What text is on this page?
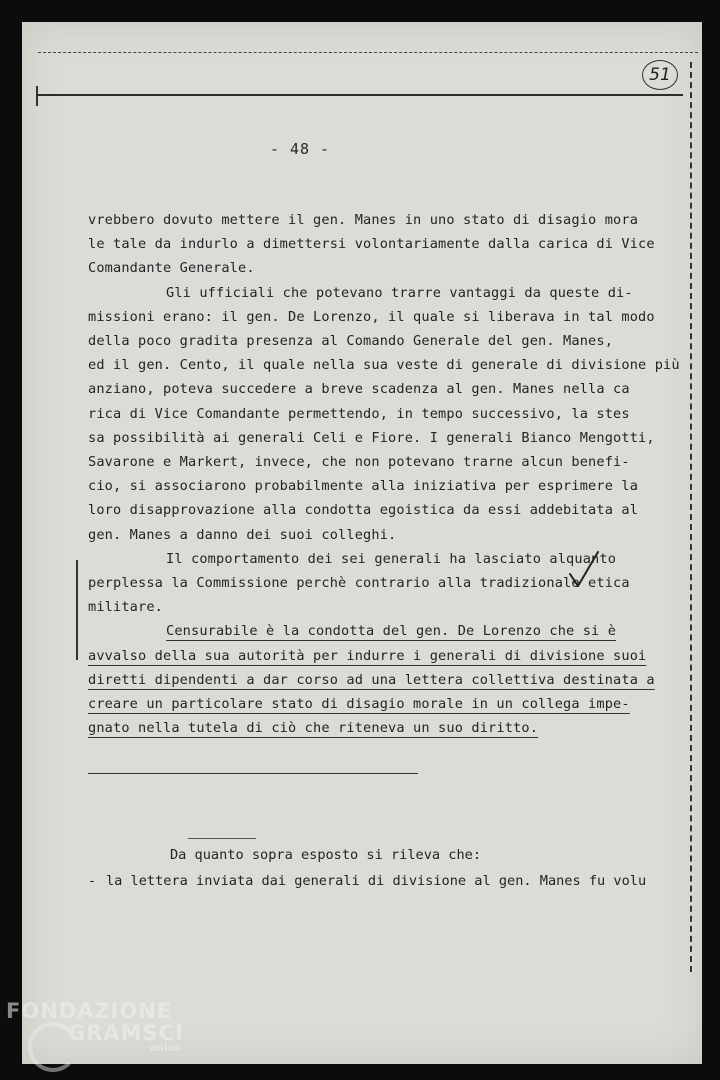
51
- 48 -
vrebbero dovuto mettere il gen. Manes in uno stato di disagio mora
le tale da indurlo a dimettersi volontariamente dalla carica di Vice
Comandante Generale.
Gli ufficiali che potevano trarre vantaggi da queste di-
missioni erano: il gen. De Lorenzo, il quale si liberava in tal modo
della poco gradita presenza al Comando Generale del gen. Manes,
ed il gen. Cento, il quale nella sua veste di generale di divisione più
anziano, poteva succedere a breve scadenza al gen. Manes nella ca
rica di Vice Comandante permettendo, in tempo successivo, la stes
sa possibilità ai generali Celi e Fiore. I generali Bianco Mengotti,
Savarone e Markert, invece, che non potevano trarne alcun benefi-
cio, si associarono probabilmente alla iniziativa per esprimere la
loro disapprovazione alla condotta egoistica da essi addebitata al
gen. Manes a danno dei suoi colleghi.
Il comportamento dei sei generali ha lasciato alquanto
perplessa la Commissione perchè contrario alla tradizionale etica
militare.
Censurabile è la condotta del gen. De Lorenzo che si è
avvalso della sua autorità per indurre i generali di divisione suoi
diretti dipendenti a dar corso ad una lettera collettiva destinata a
creare un particolare stato di disagio morale in un collega impe-
gnato nella tutela di ciò che riteneva un suo diritto.
Da quanto sopra esposto si rileva che:
- la lettera inviata dai generali di divisione al gen. Manes fu volu
FONDAZIONE
GRAMSCI
onlus
